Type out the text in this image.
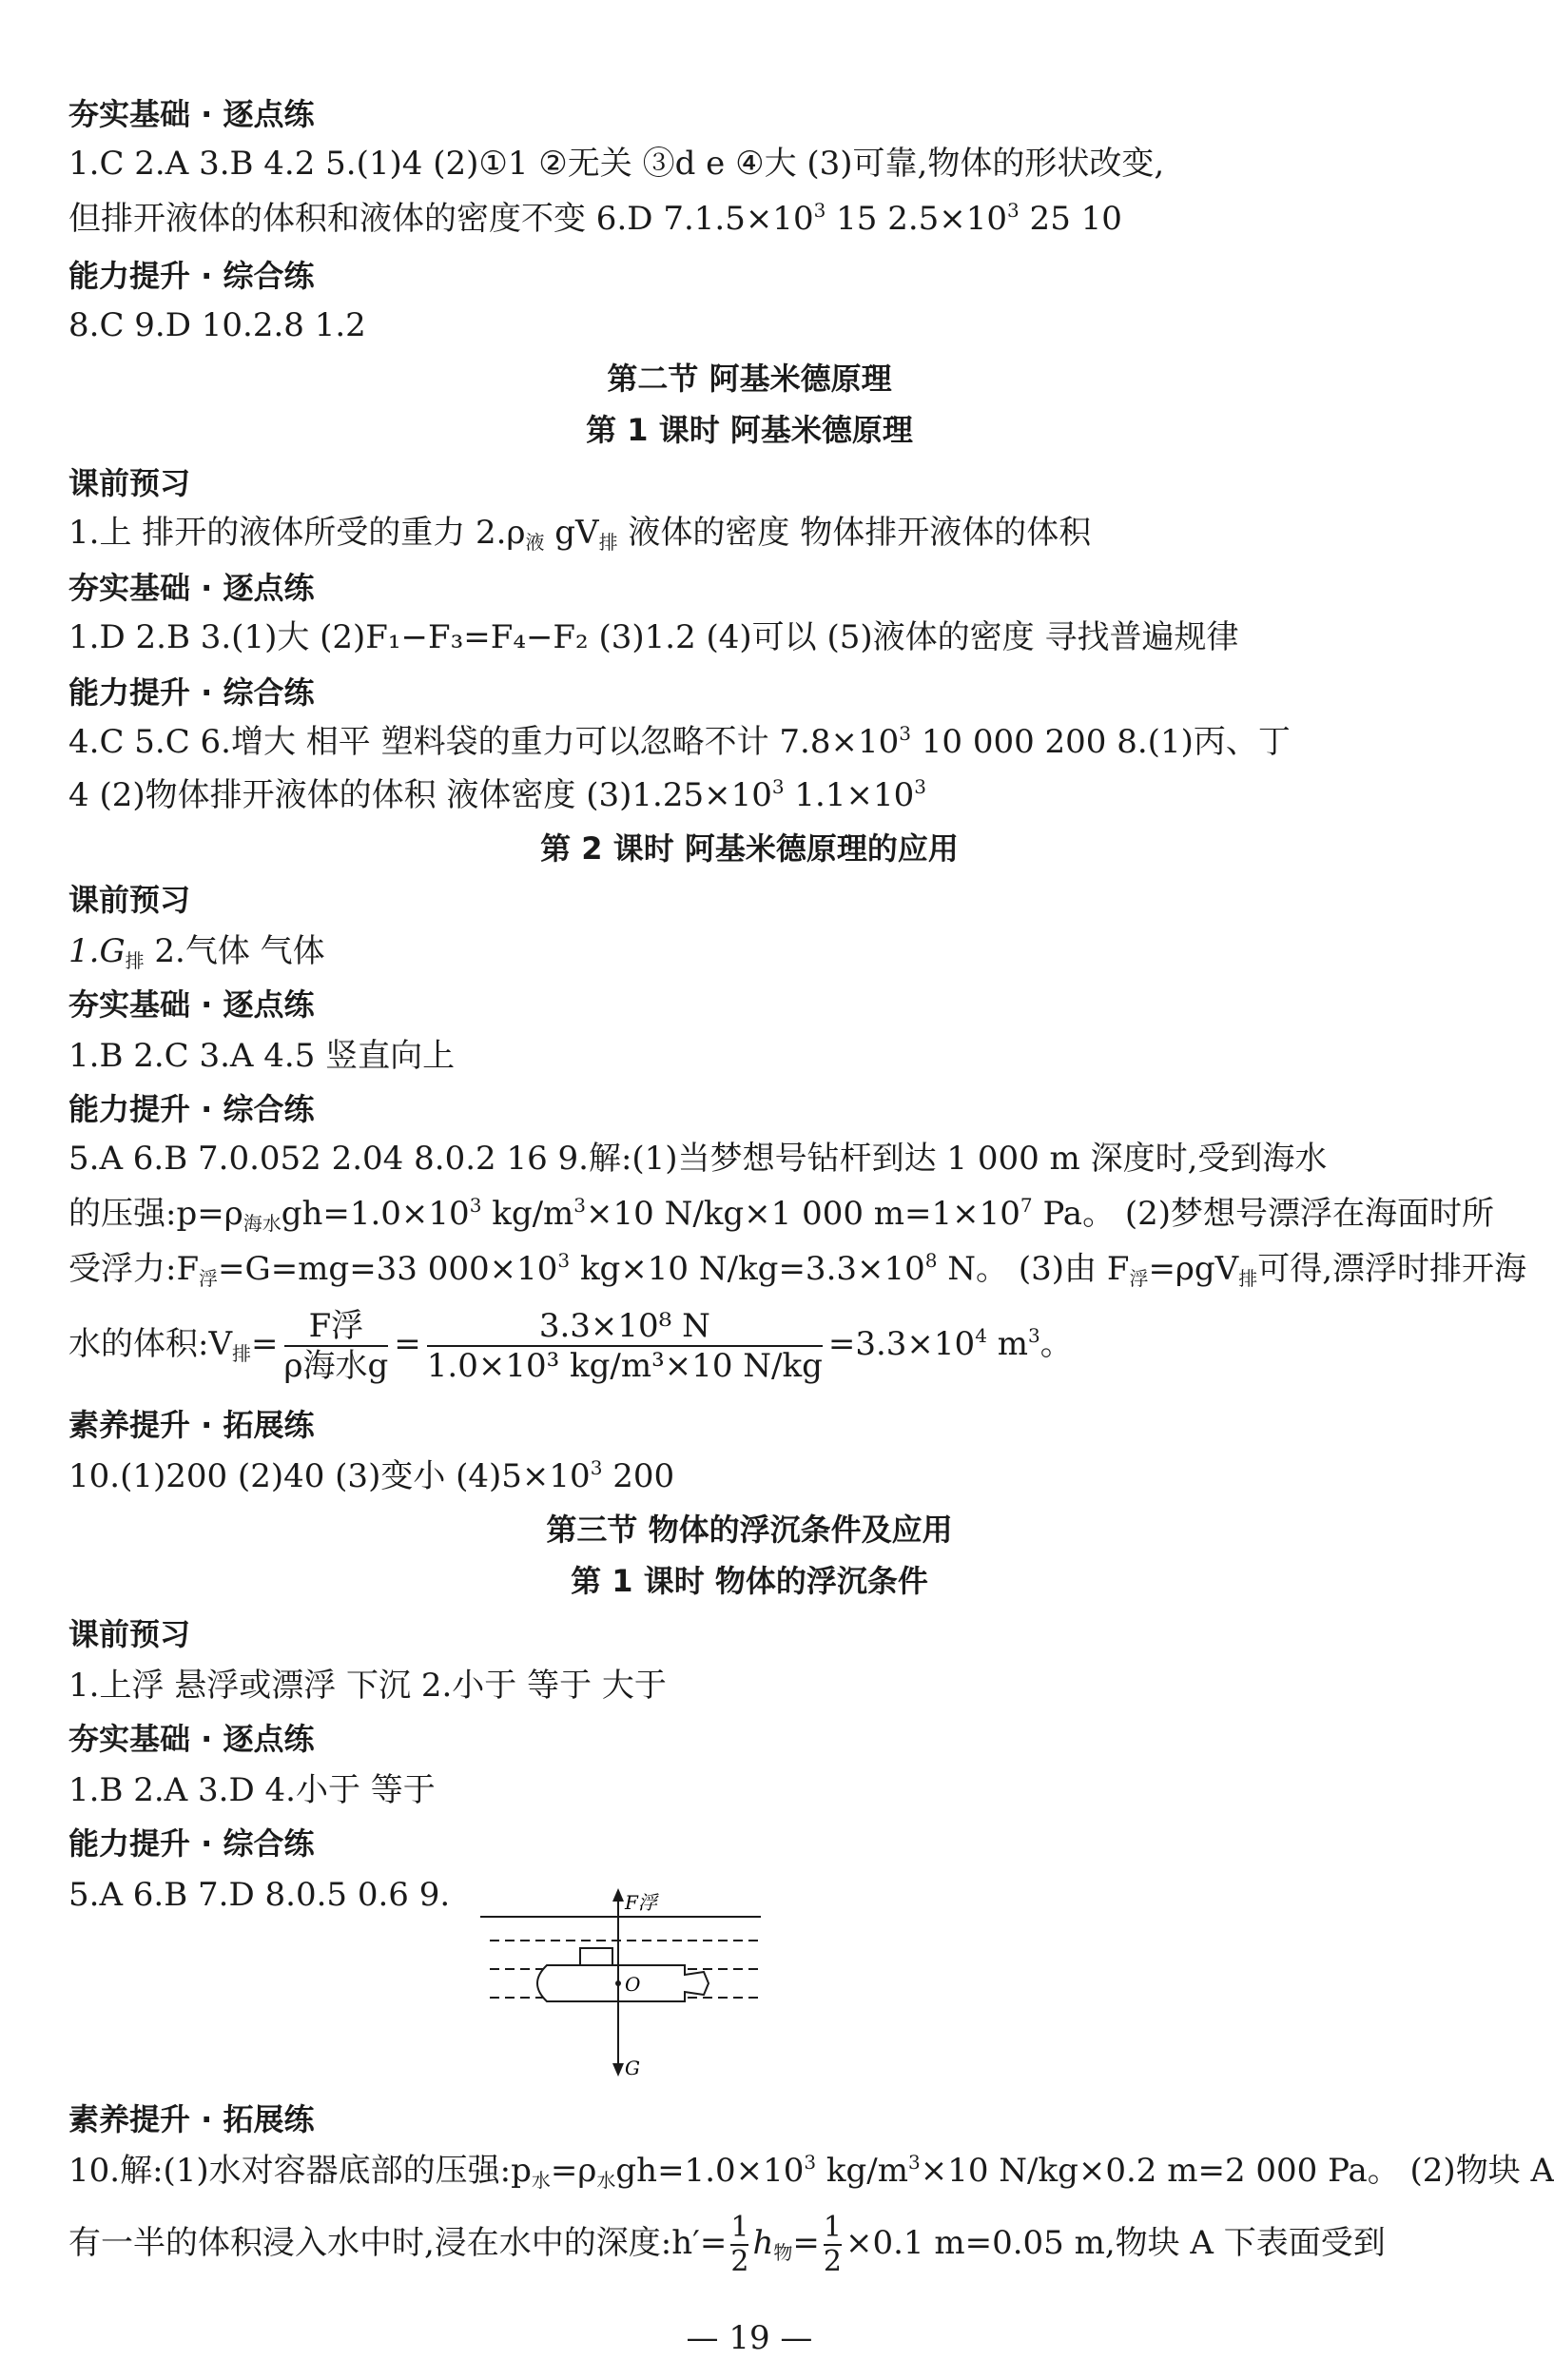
夯实基础 · 逐点练
1.C 2.A 3.B 4.2 5.(1)4 (2)①1 ②无关 ③d e ④大 (3)可靠,物体的形状改变,
但排开液体的体积和液体的密度不变 6.D $7.1.5\times 10^3$ 15 $2.5\times 10^3$ 25 10
能力提升 · 综合练
8.C 9.D 10.2.8 1.2
第二节 阿基米德原理
第 1 课时 阿基米德原理
课前预习
1.上 排开的液体所受的重力 $2.\rho_液$ $gV_排$ 液体的密度 物体排开液体的体积
夯实基础 · 逐点练
1.D 2.B 3.(1)大 (2)F₁−F₃=F₄−F₂ (3)1.2 (4)可以 (5)液体的密度 寻找普遍规律
能力提升 · 综合练
4.C 5.C 6.增大 相平 塑料袋的重力可以忽略不计 $7.8\times 10^3$ 10 000 200 8.(1)丙、丁
4 (2)物体排开液体的体积 液体密度 $(3)1.25\times 10^3$ $1.1\times 10^3$
第 2 课时 阿基米德原理的应用
课前预习
$1.G_排$ 2.气体 气体
夯实基础 · 逐点练
1.B 2.C 3.A 4.5 竖直向上
能力提升 · 综合练
5.A 6.B 7.0.052 2.04 8.0.2 16 9.解:(1)当梦想号钻杆到达 1 000 m 深度时,受到海水
的压强$:p=\rho_{海水}gh=1.0\times 10^3$ $kg/m^3\times 10$ N/kg×1 000 $m=1\times 10^7$ Pa。 (2)梦想号漂浮在海面时所
受浮力$:F_浮=G=mg=33$ $000\times 10^3$ kg×10 $N/kg=3.3\times 10^8$ N。 (3)由 $F_浮=\rho gV_排$可得,漂浮时排开海
水的体积$:V_排= \frac{\text{F浮}}{\text{ρ海水g}} = \frac{\text{3.3×10⁸ N}}{\text{1.0×10³ kg/m³×10 N/kg}} =3.3\times 10^4$ $m^3$。
素养提升 · 拓展练
10.(1)200 (2)40 (3)变小 $(4)5\times 10^3$ 200
第三节 物体的浮沉条件及应用
第 1 课时 物体的浮沉条件
课前预习
1.上浮 悬浮或漂浮 下沉 2.小于 等于 大于
夯实基础 · 逐点练
1.B 2.A 3.D 4.小于 等于
能力提升 · 综合练
5.A 6.B 7.D 8.0.5 0.6 9.	F浮
O
G
素养提升 · 拓展练
10.解:(1)水对容器底部的压强$:p_水=\rho_水gh=1.0\times 10^3$ $kg/m^3\times 10$ N/kg×0.2 m=2 000 Pa。 (2)物块 A
有一半的体积浸入水中时,浸在水中的深度:h′= $\frac{1}{2} h_物= \frac{1}{2} \times 0.1$ m=0.05 m,物块 A 下表面受到
— 19 —
